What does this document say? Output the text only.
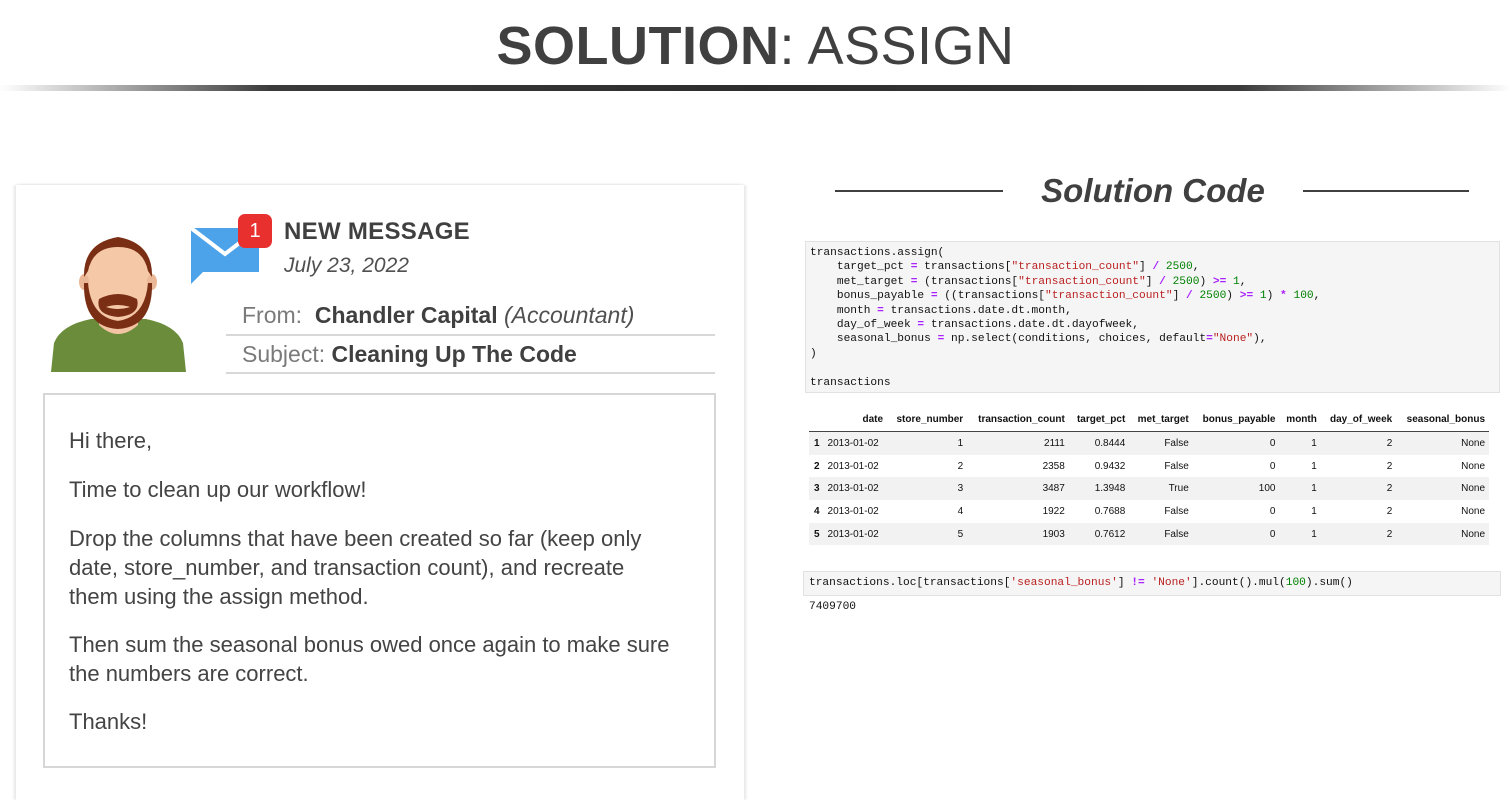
SOLUTION: ASSIGN
1 NEW MESSAGE
July 23, 2022
From: Chandler Capital (Accountant)
Subject: Cleaning Up The Code
Hi there,
Time to clean up our workflow!
Drop the columns that have been created so far (keep only date, store_number, and transaction count), and recreate them using the assign method.
Then sum the seasonal bonus owed once again to make sure the numbers are correct.
Thanks!
Solution Code
transactions.assign(
target_pct = transactions["transaction_count"] / 2500,
met_target = (transactions["transaction_count"] / 2500) >= 1,
bonus_payable = ((transactions["transaction_count"] / 2500) >= 1) * 100,
month = transactions.date.dt.month,
day_of_week = transactions.date.dt.dayofweek,
seasonal_bonus = np.select(conditions, choices, default="None"),
)

transactions
	date	store_number	transaction_count	target_pct	met_target	bonus_payable	month	day_of_week	seasonal_bonus
1	2013-01-02	1	2111	0.8444	False	0	1	2	None
2	2013-01-02	2	2358	0.9432	False	0	1	2	None
3	2013-01-02	3	3487	1.3948	True	100	1	2	None
4	2013-01-02	4	1922	0.7688	False	0	1	2	None
5	2013-01-02	5	1903	0.7612	False	0	1	2	None
transactions.loc[transactions['seasonal_bonus'] != 'None'].count().mul(100).sum()
7409700
